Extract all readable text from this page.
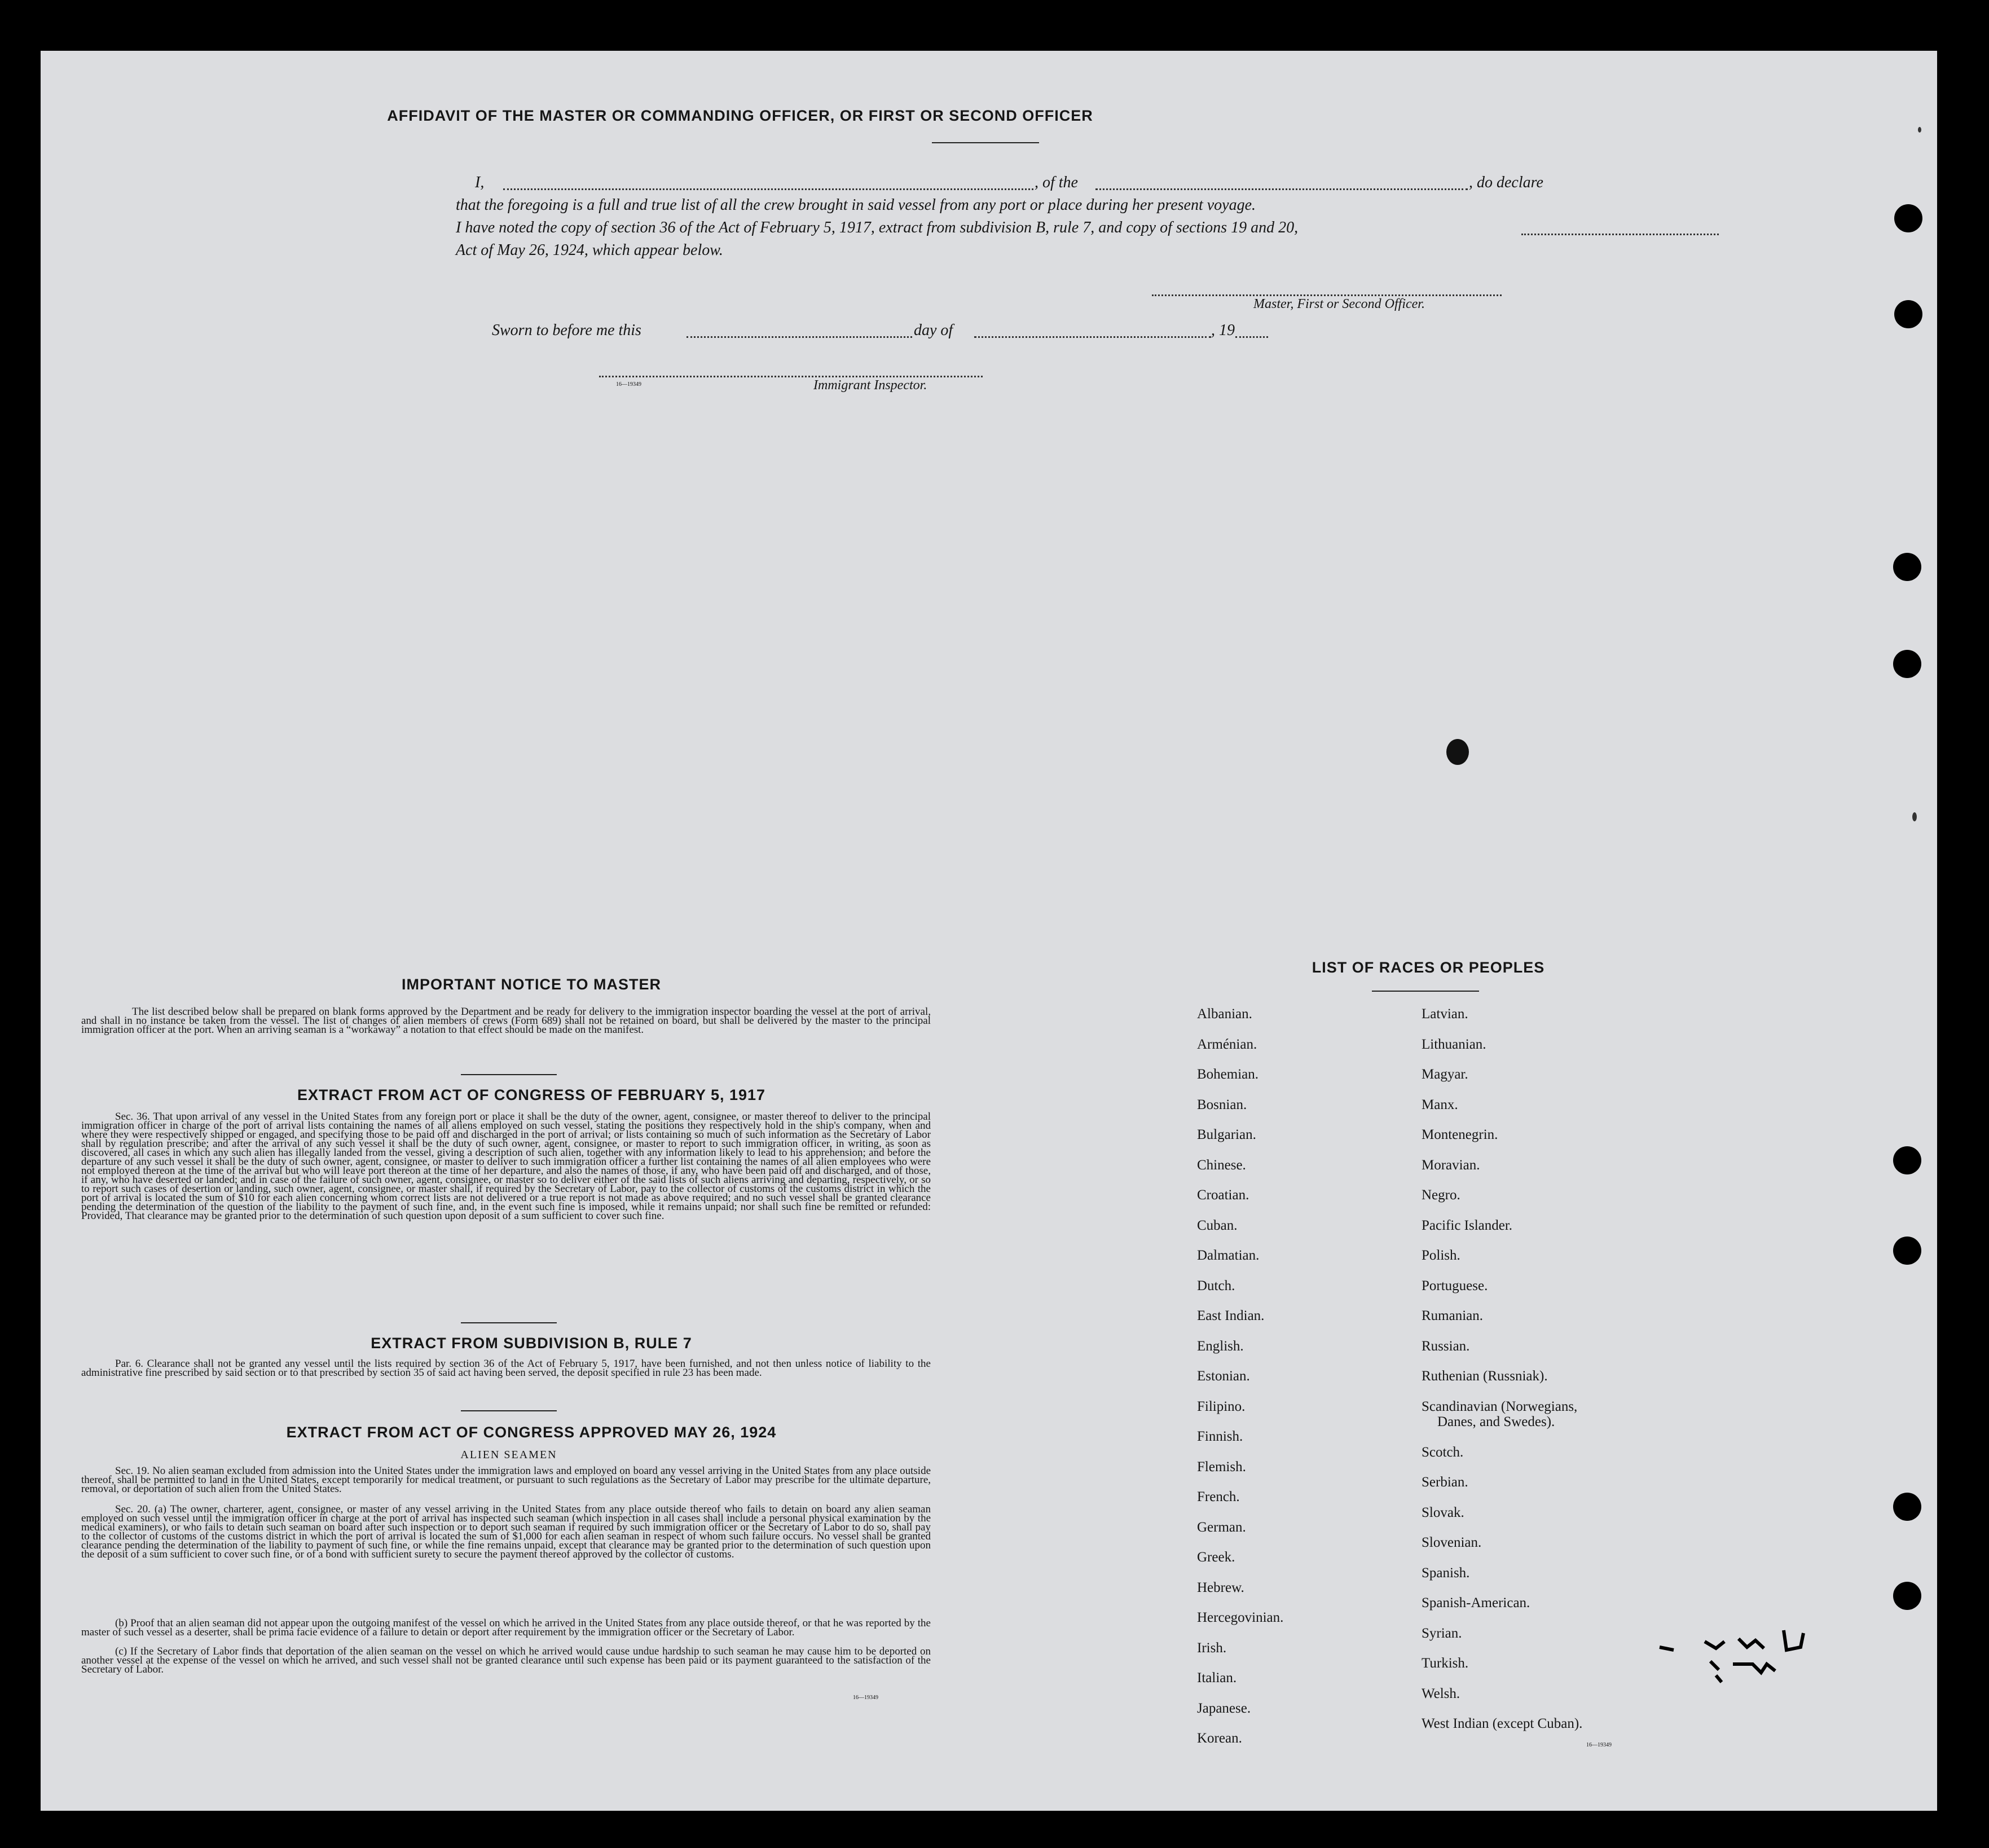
AFFIDAVIT OF THE MASTER OR COMMANDING OFFICER, OR FIRST OR SECOND OFFICER
I,	, of the	, do declare
that the foregoing is a full and true list of all the crew brought in said vessel from any port or place during her present voyage.
I have noted the copy of section 36 of the Act of February 5, 1917, extract from subdivision B, rule 7, and copy of sections 19 and 20,
Act of May 26, 1924, which appear below.
Master, First or Second Officer.
Sworn to before me this	day of	, 19
16—19349	Immigrant Inspector.
IMPORTANT NOTICE TO MASTER
The list described below shall be prepared on blank forms approved by the Department and be ready for delivery to the immigration inspector boarding the vessel at the port of arrival, and shall in no instance be taken from the vessel. The list of changes of alien members of crews (Form 689) shall not be retained on board, but shall be delivered by the master to the principal immigration officer at the port. When an arriving seaman is a “workaway” a notation to that effect should be made on the manifest.
EXTRACT FROM ACT OF CONGRESS OF FEBRUARY 5, 1917
Sec. 36. That upon arrival of any vessel in the United States from any foreign port or place it shall be the duty of the owner, agent, consignee, or master thereof to deliver to the principal immigration officer in charge of the port of arrival lists containing the names of all aliens employed on such vessel, stating the positions they respectively hold in the ship's company, when and where they were respectively shipped or engaged, and specifying those to be paid off and discharged in the port of arrival; or lists containing so much of such information as the Secretary of Labor shall by regulation prescribe; and after the arrival of any such vessel it shall be the duty of such owner, agent, consignee, or master to report to such immigration officer, in writing, as soon as discovered, all cases in which any such alien has illegally landed from the vessel, giving a description of such alien, together with any information likely to lead to his apprehension; and before the departure of any such vessel it shall be the duty of such owner, agent, consignee, or master to deliver to such immigration officer a further list containing the names of all alien employees who were not employed thereon at the time of the arrival but who will leave port thereon at the time of her departure, and also the names of those, if any, who have been paid off and discharged, and of those, if any, who have deserted or landed; and in case of the failure of such owner, agent, consignee, or master so to deliver either of the said lists of such aliens arriving and departing, respectively, or so to report such cases of desertion or landing, such owner, agent, consignee, or master shall, if required by the Secretary of Labor, pay to the collector of customs of the customs district in which the port of arrival is located the sum of $10 for each alien concerning whom correct lists are not delivered or a true report is not made as above required; and no such vessel shall be granted clearance pending the determination of the question of the liability to the payment of such fine, and, in the event such fine is imposed, while it remains unpaid; nor shall such fine be remitted or refunded: Provided, That clearance may be granted prior to the determination of such question upon deposit of a sum sufficient to cover such fine.
EXTRACT FROM SUBDIVISION B, RULE 7
Par. 6. Clearance shall not be granted any vessel until the lists required by section 36 of the Act of February 5, 1917, have been furnished, and not then unless notice of liability to the administrative fine prescribed by said section or to that prescribed by section 35 of said act having been served, the deposit specified in rule 23 has been made.
EXTRACT FROM ACT OF CONGRESS APPROVED MAY 26, 1924
ALIEN SEAMEN
Sec. 19. No alien seaman excluded from admission into the United States under the immigration laws and employed on board any vessel arriving in the United States from any place outside thereof, shall be permitted to land in the United States, except temporarily for medical treatment, or pursuant to such regulations as the Secretary of Labor may prescribe for the ultimate departure, removal, or deportation of such alien from the United States.
Sec. 20. (a) The owner, charterer, agent, consignee, or master of any vessel arriving in the United States from any place outside thereof who fails to detain on board any alien seaman employed on such vessel until the immigration officer in charge at the port of arrival has inspected such seaman (which inspection in all cases shall include a personal physical examination by the medical examiners), or who fails to detain such seaman on board after such inspection or to deport such seaman if required by such immigration officer or the Secretary of Labor to do so, shall pay to the collector of customs of the customs district in which the port of arrival is located the sum of $1,000 for each alien seaman in respect of whom such failure occurs. No vessel shall be granted clearance pending the determination of the liability to payment of such fine, or while the fine remains unpaid, except that clearance may be granted prior to the determination of such question upon the deposit of a sum sufficient to cover such fine, or of a bond with sufficient surety to secure the payment thereof approved by the collector of customs.
(b) Proof that an alien seaman did not appear upon the outgoing manifest of the vessel on which he arrived in the United States from any place outside thereof, or that he was reported by the master of such vessel as a deserter, shall be prima facie evidence of a failure to detain or deport after requirement by the immigration officer or the Secretary of Labor.
(c) If the Secretary of Labor finds that deportation of the alien seaman on the vessel on which he arrived would cause undue hardship to such seaman he may cause him to be deported on another vessel at the expense of the vessel on which he arrived, and such vessel shall not be granted clearance until such expense has been paid or its payment guaranteed to the satisfaction of the Secretary of Labor.
16—19349
LIST OF RACES OR PEOPLES
Albanian.
Arménian.
Bohemian.
Bosnian.
Bulgarian.
Chinese.
Croatian.
Cuban.
Dalmatian.
Dutch.
East Indian.
English.
Estonian.
Filipino.
Finnish.
Flemish.
French.
German.
Greek.
Hebrew.
Hercegovinian.
Irish.
Italian.
Japanese.
Korean.
Latvian.
Lithuanian.
Magyar.
Manx.
Montenegrin.
Moravian.
Negro.
Pacific Islander.
Polish.
Portuguese.
Rumanian.
Russian.
Ruthenian (Russniak).
Scandinavian (Norwegians,
Danes, and Swedes).
Scotch.
Serbian.
Slovak.
Slovenian.
Spanish.
Spanish-American.
Syrian.
Turkish.
Welsh.
West Indian (except Cuban).
16—19349
